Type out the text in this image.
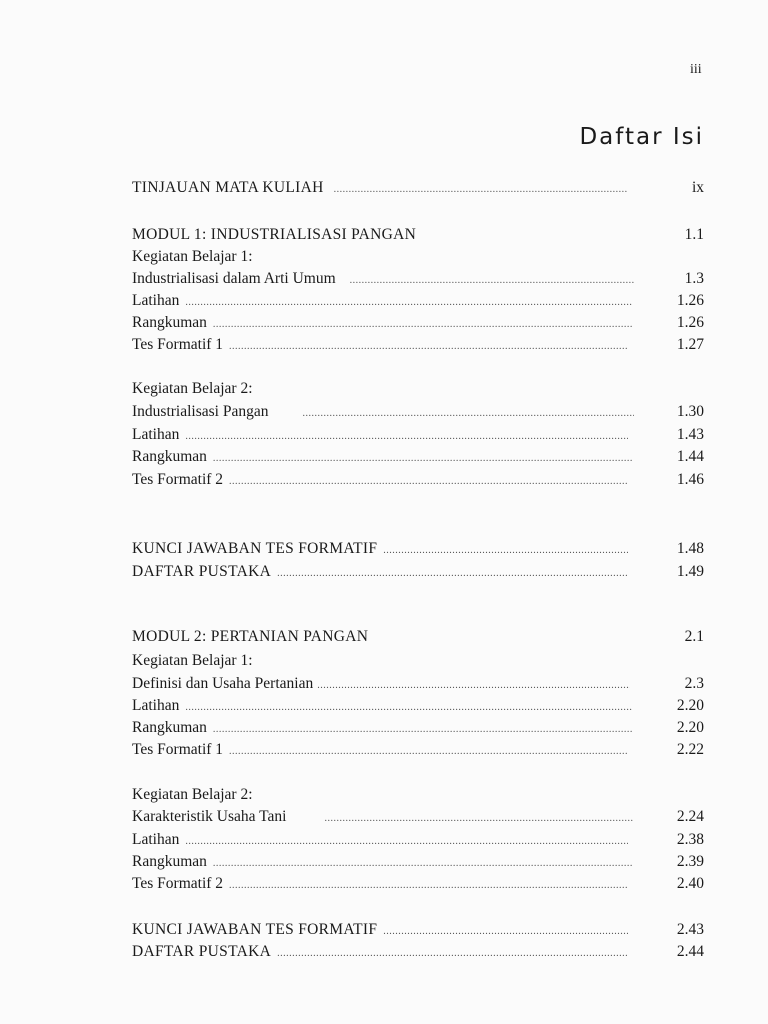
iii
Daftar Isi
TINJAUAN MATA KULIAH .....	ix
MODUL 1: INDUSTRIALISASI PANGAN	1.1
Kegiatan Belajar 1:
Industrialisasi dalam Arti Umum .....	1.3
Latihan .....	1.26
Rangkuman .....	1.26
Tes Formatif 1 .....	1.27
Kegiatan Belajar 2:
Industrialisasi Pangan .....	1.30
Latihan .....	1.43
Rangkuman .....	1.44
Tes Formatif 2 .....	1.46
KUNCI JAWABAN TES FORMATIF .....	1.48
DAFTAR PUSTAKA .....	1.49
MODUL 2: PERTANIAN PANGAN	2.1
Kegiatan Belajar 1:
Definisi dan Usaha Pertanian .....	2.3
Latihan .....	2.20
Rangkuman .....	2.20
Tes Formatif 1 .....	2.22
Kegiatan Belajar 2:
Karakteristik Usaha Tani .....	2.24
Latihan .....	2.38
Rangkuman .....	2.39
Tes Formatif 2 .....	2.40
KUNCI JAWABAN TES FORMATIF .....	2.43
DAFTAR PUSTAKA .....	2.44
